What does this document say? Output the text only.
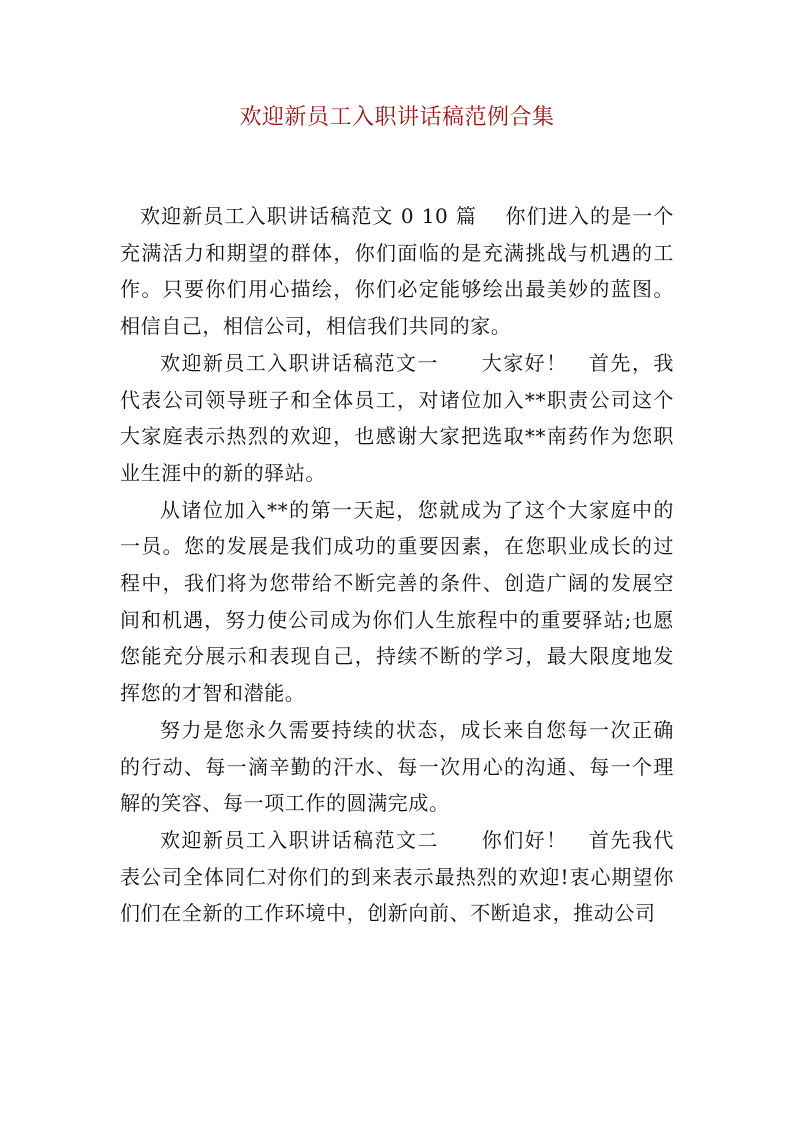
欢迎新员工入职讲话稿范例合集

欢迎新员工入职讲话稿范文 0 10 篇　 你们进入的是一个充满活力和期望的群体，你们面临的是充满挑战与机遇的工作。只要你们用心描绘，你们必定能够绘出最美妙的蓝图。相信自己，相信公司，相信我们共同的家。

欢迎新员工入职讲话稿范文一　　大家好！　首先，我代表公司领导班子和全体员工，对诸位加入**职责公司这个大家庭表示热烈的欢迎，也感谢大家把选取**南药作为您职业生涯中的新的驿站。

从诸位加入**的第一天起，您就成为了这个大家庭中的一员。您的发展是我们成功的重要因素，在您职业成长的过程中，我们将为您带给不断完善的条件、创造广阔的发展空间和机遇，努力使公司成为你们人生旅程中的重要驿站;也愿您能充分展示和表现自己，持续不断的学习，最大限度地发挥您的才智和潜能。

努力是您永久需要持续的状态，成长来自您每一次正确的行动、每一滴辛勤的汗水、每一次用心的沟通、每一个理解的笑容、每一项工作的圆满完成。

欢迎新员工入职讲话稿范文二　　你们好！　首先我代表公司全体同仁对你们的到来表示最热烈的欢迎!衷心期望你们们在全新的工作环境中，创新向前、不断追求，推动公司
